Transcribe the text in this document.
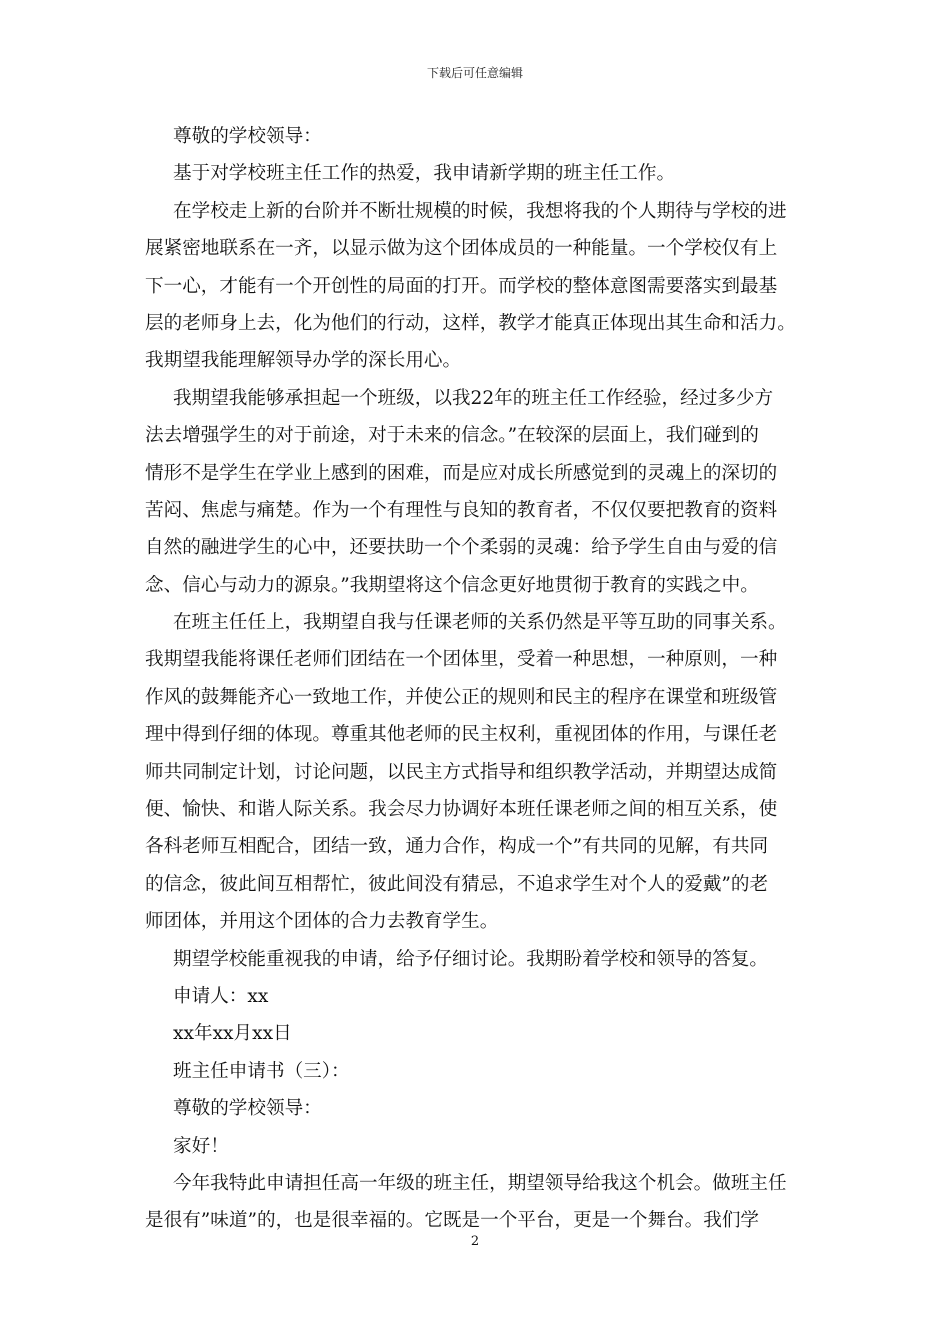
下载后可任意编辑
尊敬的学校领导：
基于对学校班主任工作的热爱，我申请新学期的班主任工作。
在学校走上新的台阶并不断壮规模的时候，我想将我的个人期待与学校的进
展紧密地联系在一齐，以显示做为这个团体成员的一种能量。一个学校仅有上
下一心，才能有一个开创性的局面的打开。而学校的整体意图需要落实到最基
层的老师身上去，化为他们的行动，这样，教学才能真正体现出其生命和活力。
我期望我能理解领导办学的深长用心。
我期望我能够承担起一个班级，以我22年的班主任工作经验，经过多少方
法去增强学生的对于前途，对于未来的信念。”在较深的层面上，我们碰到的
情形不是学生在学业上感到的困难，而是应对成长所感觉到的灵魂上的深切的
苦闷、焦虑与痛楚。作为一个有理性与良知的教育者，不仅仅要把教育的资料
自然的融进学生的心中，还要扶助一个个柔弱的灵魂：给予学生自由与爱的信
念、信心与动力的源泉。”我期望将这个信念更好地贯彻于教育的实践之中。
在班主任任上，我期望自我与任课老师的关系仍然是平等互助的同事关系。
我期望我能将课任老师们团结在一个团体里，受着一种思想，一种原则，一种
作风的鼓舞能齐心一致地工作，并使公正的规则和民主的程序在课堂和班级管
理中得到仔细的体现。尊重其他老师的民主权利，重视团体的作用，与课任老
师共同制定计划，讨论问题，以民主方式指导和组织教学活动，并期望达成简
便、愉快、和谐人际关系。我会尽力协调好本班任课老师之间的相互关系，使
各科老师互相配合，团结一致，通力合作，构成一个”有共同的见解，有共同
的信念，彼此间互相帮忙，彼此间没有猜忌，不追求学生对个人的爱戴”的老
师团体，并用这个团体的合力去教育学生。
期望学校能重视我的申请，给予仔细讨论。我期盼着学校和领导的答复。
申请人：xx
xx年xx月xx日
班主任申请书（三）：
尊敬的学校领导：
家好！
今年我特此申请担任高一年级的班主任，期望领导给我这个机会。做班主任
是很有”味道”的，也是很幸福的。它既是一个平台，更是一个舞台。我们学
2
